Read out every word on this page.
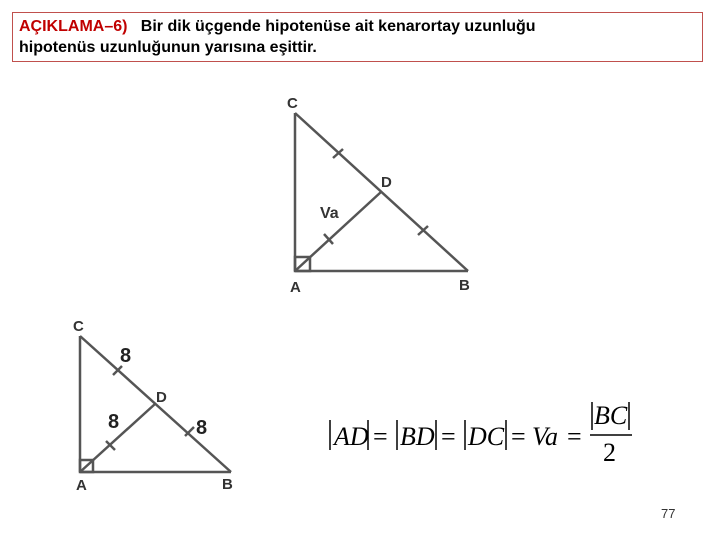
AÇIKLAMA–6) Bir dik üçgende hipotenüse ait kenarortay uzunluğu
hipotenüs uzunluğunun yarısına eşittir.
C
D
A	B
Va
C
D
A	B
8
8	8	AD = BD = DC = Va =
BC
2
77
